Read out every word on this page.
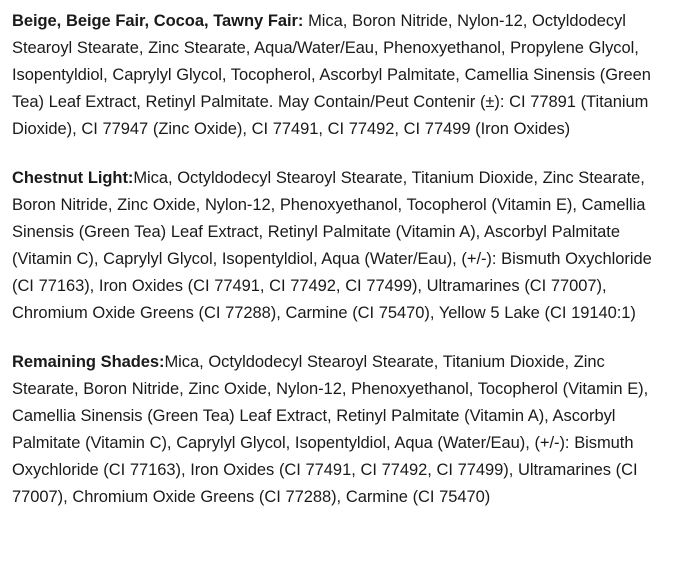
Beige, Beige Fair, Cocoa, Tawny Fair: Mica, Boron Nitride, Nylon-12, Octyldodecyl Stearoyl Stearate, Zinc Stearate, Aqua/Water/Eau, Phenoxyethanol, Propylene Glycol, Isopentyldiol, Caprylyl Glycol, Tocopherol, Ascorbyl Palmitate, Camellia Sinensis (Green Tea) Leaf Extract, Retinyl Palmitate. May Contain/Peut Contenir (±): CI 77891 (Titanium Dioxide), CI 77947 (Zinc Oxide), CI 77491, CI 77492, CI 77499 (Iron Oxides)

Chestnut Light:Mica, Octyldodecyl Stearoyl Stearate, Titanium Dioxide, Zinc Stearate, Boron Nitride, Zinc Oxide, Nylon-12, Phenoxyethanol, Tocopherol (Vitamin E), Camellia Sinensis (Green Tea) Leaf Extract, Retinyl Palmitate (Vitamin A), Ascorbyl Palmitate (Vitamin C), Caprylyl Glycol, Isopentyldiol, Aqua (Water/Eau), (+/-): Bismuth Oxychloride (CI 77163), Iron Oxides (CI 77491, CI 77492, CI 77499), Ultramarines (CI 77007), Chromium Oxide Greens (CI 77288), Carmine (CI 75470), Yellow 5 Lake (CI 19140:1)

Remaining Shades:Mica, Octyldodecyl Stearoyl Stearate, Titanium Dioxide, Zinc Stearate, Boron Nitride, Zinc Oxide, Nylon-12, Phenoxyethanol, Tocopherol (Vitamin E), Camellia Sinensis (Green Tea) Leaf Extract, Retinyl Palmitate (Vitamin A), Ascorbyl Palmitate (Vitamin C), Caprylyl Glycol, Isopentyldiol, Aqua (Water/Eau), (+/-): Bismuth Oxychloride (CI 77163), Iron Oxides (CI 77491, CI 77492, CI 77499), Ultramarines (CI 77007), Chromium Oxide Greens (CI 77288), Carmine (CI 75470)
